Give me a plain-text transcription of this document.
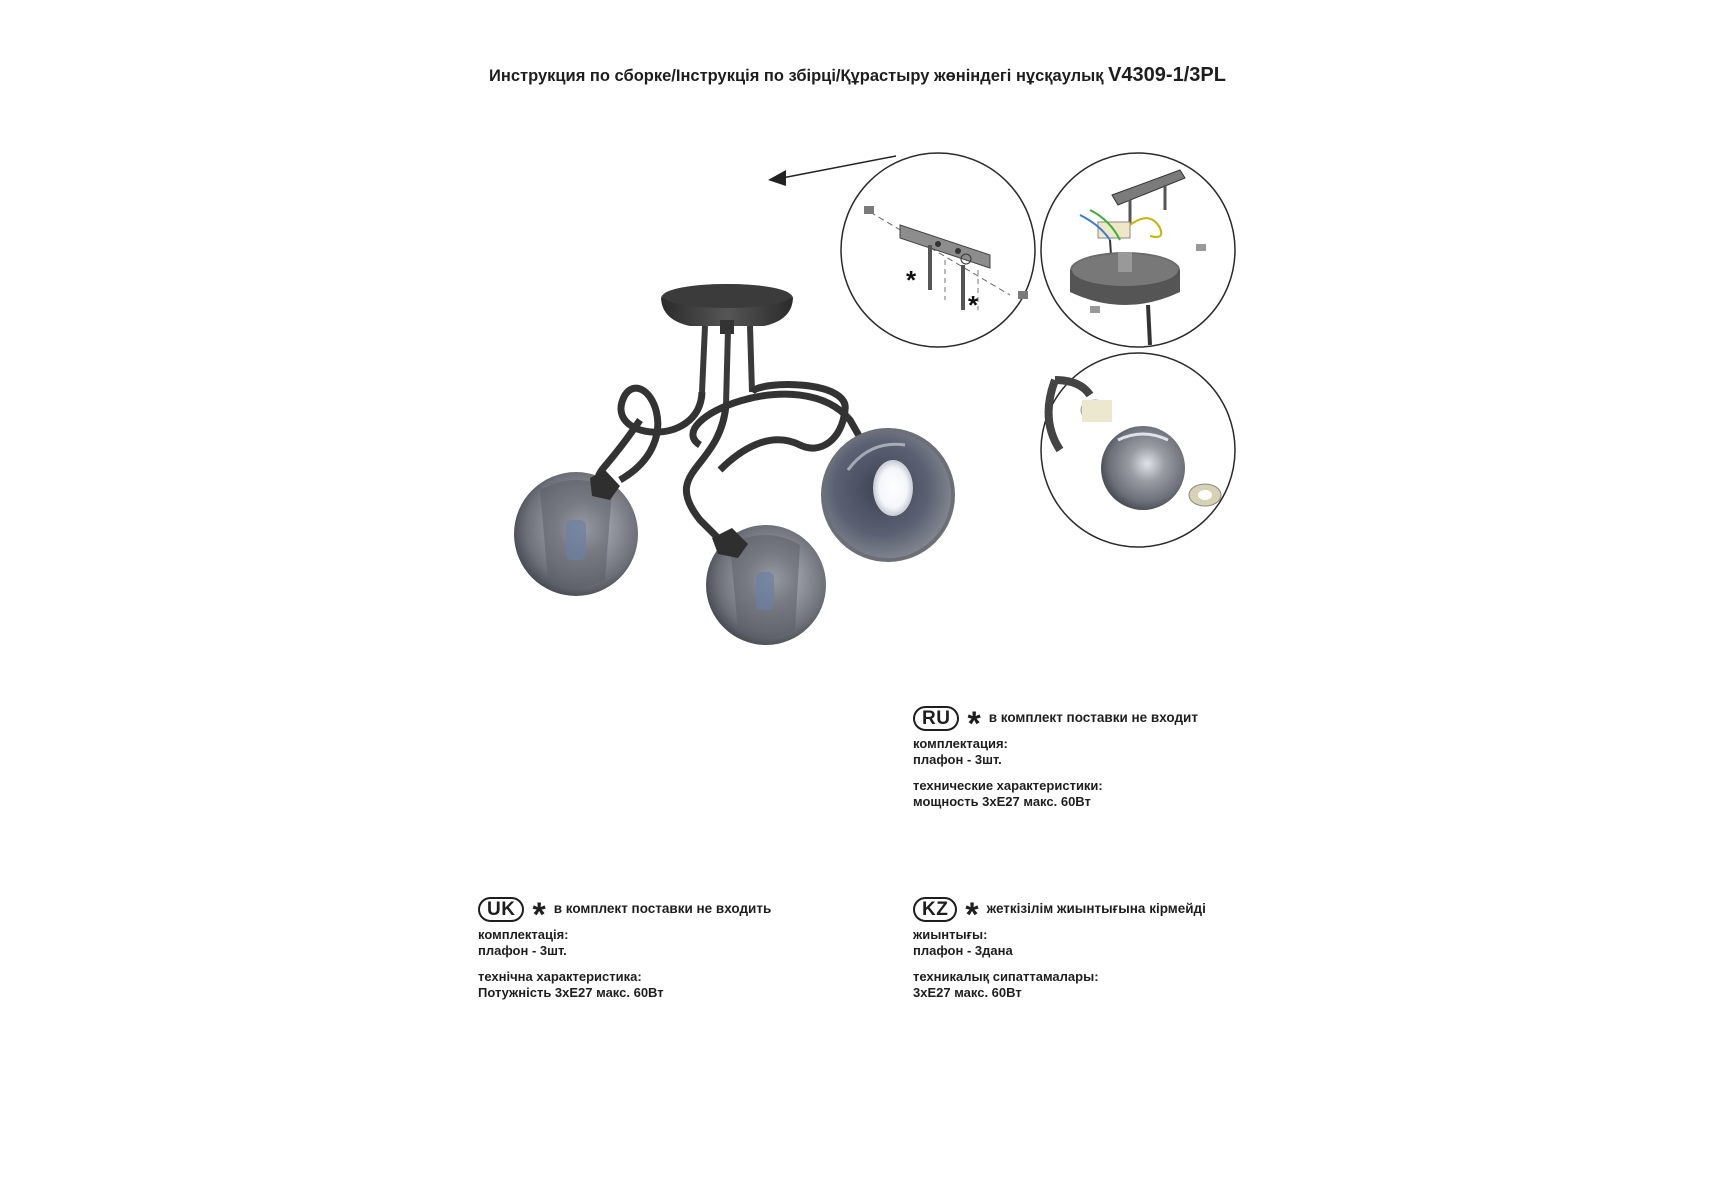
Инструкция по сборке/Інструкція по збірці/Құрастыру жөніндегі нұсқаулық V4309-1/3PL
*
*
RU * в комплект поставки не входит
комплектация:
плафон - 3шт.
технические характеристики:
мощность 3хЕ27 макс. 60Вт
UK * в комплект поставки не входить
комплектація:
плафон - 3шт.
технічна характеристика:
Потужність 3хЕ27 макс. 60Вт
KZ * жеткізілім жиынтығына кірмейді
жиынтығы:
плафон - 3дана
техникалық сипаттамалары:
3хЕ27 макс. 60Вт
